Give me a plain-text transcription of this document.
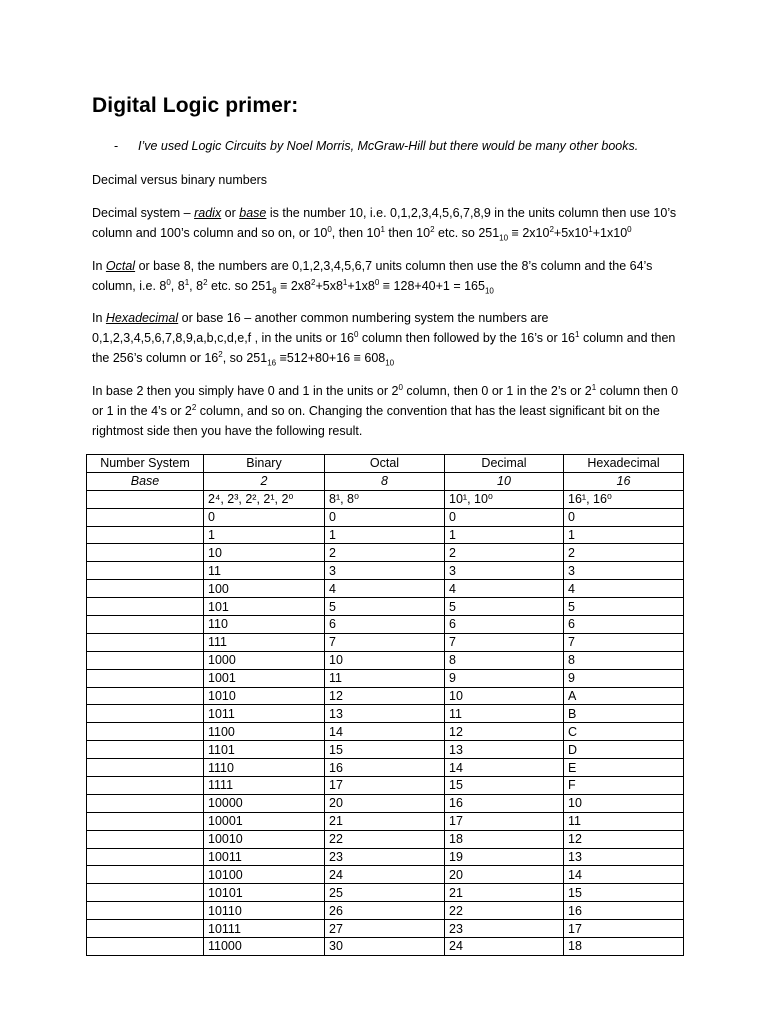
Digital Logic primer:
- I’ve used Logic Circuits by Noel Morris, McGraw-Hill but there would be many other books.

Decimal versus binary numbers

Decimal system – radix or base is the number 10, i.e. 0,1,2,3,4,5,6,7,8,9 in the units column then use 10’s column and 100’s column and so on, or $10^0$, then $10^1$ then $10^2$ etc. so $251_{10} \equiv 2x10^2+5x10^1+1x10^0$

In Octal or base 8, the numbers are 0,1,2,3,4,5,6,7 units column then use the 8’s column and the 64’s column, i.e. $8^0$, $8^1$, $8^2$ etc. so $251_8 \equiv 2x8^2+5x8^1+1x8^0 \equiv 128+40+1 = 165_{10}$

In Hexadecimal or base 16 – another common numbering system the numbers are 0,1,2,3,4,5,6,7,8,9,a,b,c,d,e,f , in the units or $16^0$ column then followed by the 16’s or $16^1$ column and then the 256’s column or $16^2$, so $251_{16} \equiv 512+80+16 \equiv 608_{10}$

In base 2 then you simply have 0 and 1 in the units or $2^0$ column, then 0 or 1 in the 2’s or $2^1$ column then 0 or 1 in the 4’s or $2^2$ column, and so on. Changing the convention that has the least significant bit on the rightmost side then you have the following result.

Number System	Binary	Octal	Decimal	Hexadecimal
Base	2	8	10	16
	2⁴, 2³, 2², 2¹, 2⁰	8¹, 8⁰	10¹, 10⁰	16¹, 16⁰
	0	0	0	0
	1	1	1	1
	10	2	2	2
	11	3	3	3
	100	4	4	4
	101	5	5	5
	110	6	6	6
	111	7	7	7
	1000	10	8	8
	1001	11	9	9
	1010	12	10	A
	1011	13	11	B
	1100	14	12	C
	1101	15	13	D
	1110	16	14	E
	1111	17	15	F
	10000	20	16	10
	10001	21	17	11
	10010	22	18	12
	10011	23	19	13
	10100	24	20	14
	10101	25	21	15
	10110	26	22	16
	10111	27	23	17
	11000	30	24	18
